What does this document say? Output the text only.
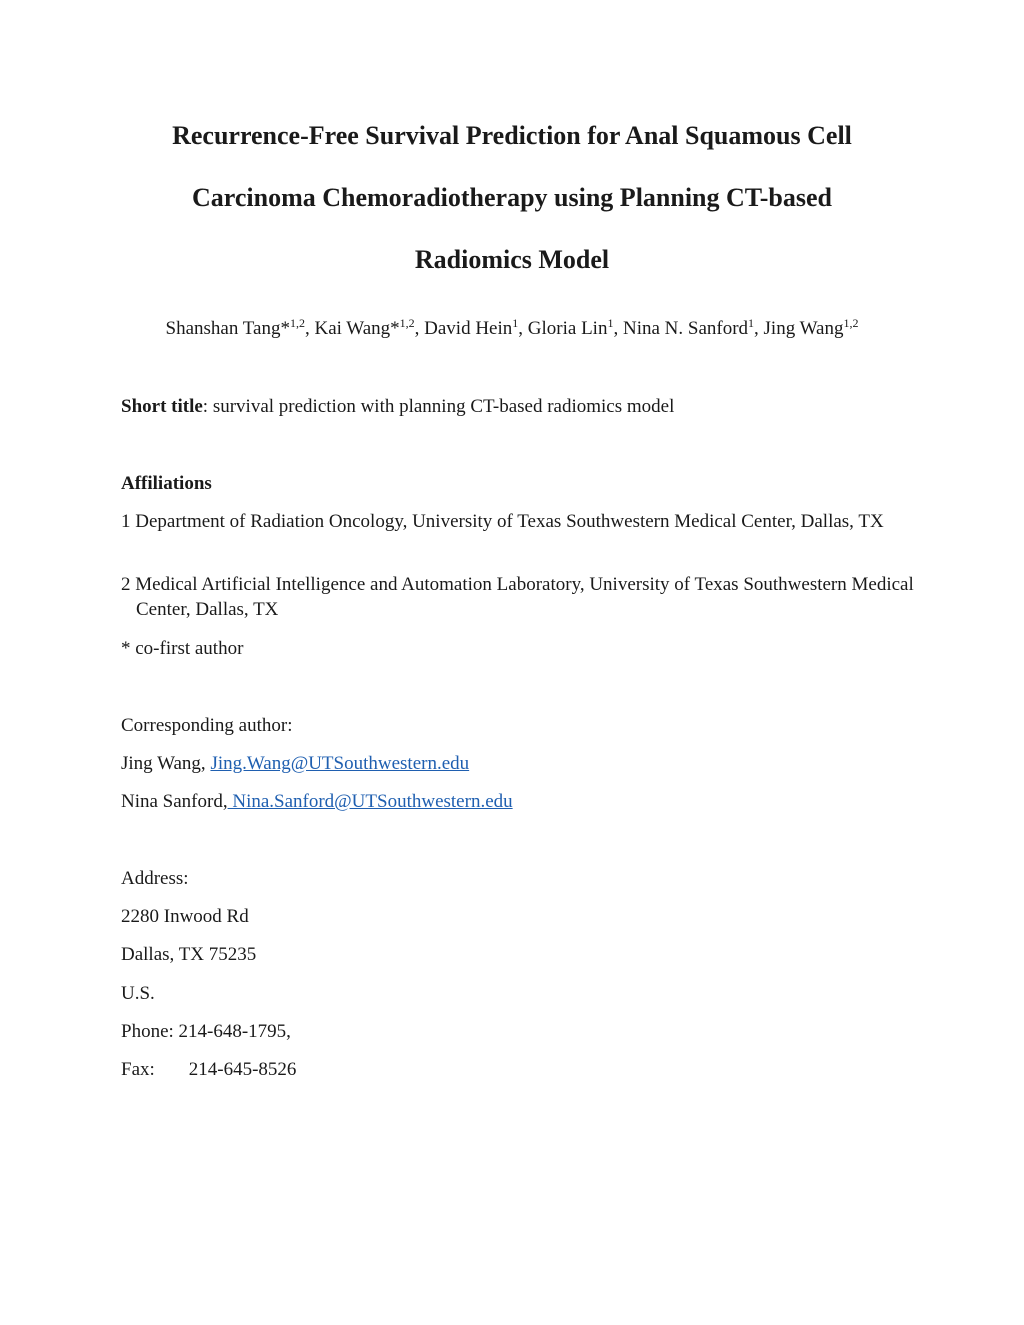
Recurrence-Free Survival Prediction for Anal Squamous Cell
Carcinoma Chemoradiotherapy using Planning CT-based
Radiomics Model

Shanshan Tang*$^{1,2}$, Kai Wang*$^{1,2}$, David Hein$^1$, Gloria Lin$^1$, Nina N. Sanford$^1$, Jing Wang$^{1,2}$

Short title: survival prediction with planning CT-based radiomics model

Affiliations

1 Department of Radiation Oncology, University of Texas Southwestern Medical Center, Dallas, TX

2 Medical Artificial Intelligence and Automation Laboratory, University of Texas Southwestern Medical Center, Dallas, TX

* co-first author

Corresponding author:

Jing Wang, Jing.Wang@UTSouthwestern.edu

Nina Sanford, Nina.Sanford@UTSouthwestern.edu

Address:

2280 Inwood Rd

Dallas, TX 75235

U.S.

Phone: 214-648-1795,

Fax: 214-645-8526
